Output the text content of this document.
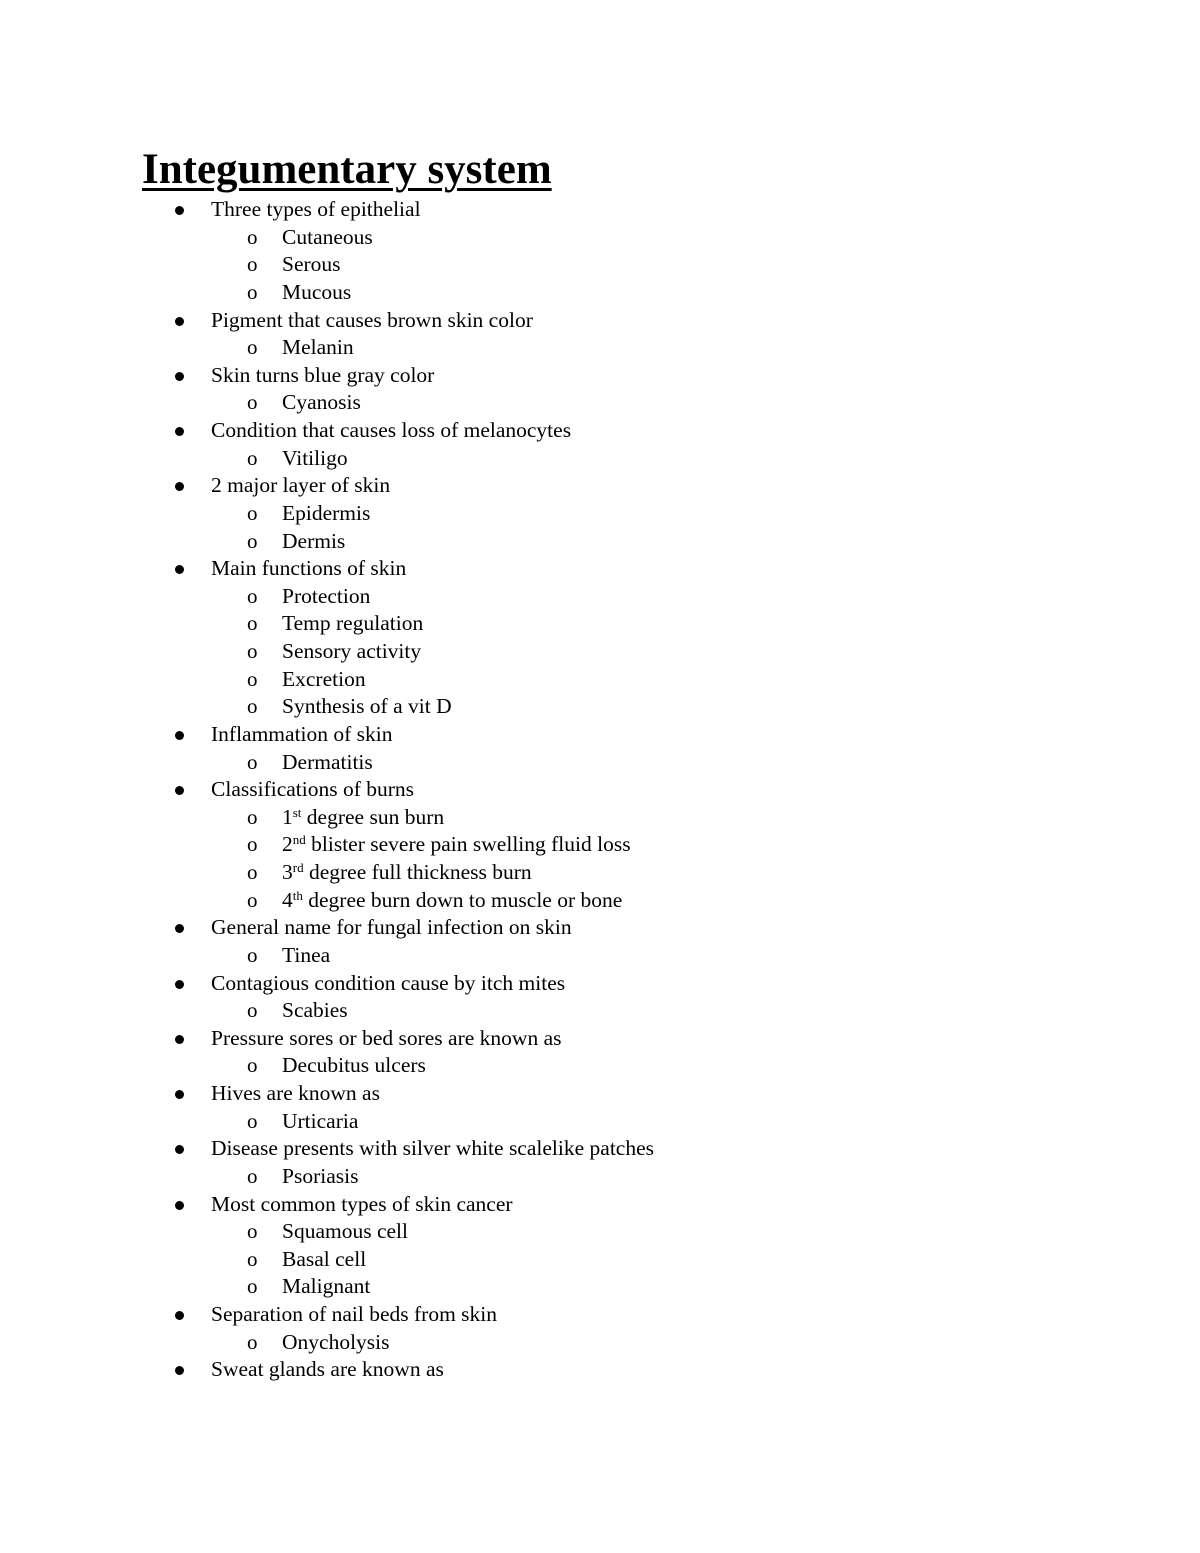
Integumentary system
Three types of epithelial
o Cutaneous
o Serous
o Mucous
Pigment that causes brown skin color
o Melanin
Skin turns blue gray color
o Cyanosis
Condition that causes loss of melanocytes
o Vitiligo
2 major layer of skin
o Epidermis
o Dermis
Main functions of skin
o Protection
o Temp regulation
o Sensory activity
o Excretion
o Synthesis of a vit D
Inflammation of skin
o Dermatitis
Classifications of burns
o 1st degree sun burn
o 2nd blister severe pain swelling fluid loss
o 3rd degree full thickness burn
o 4th degree burn down to muscle or bone
General name for fungal infection on skin
o Tinea
Contagious condition cause by itch mites
o Scabies
Pressure sores or bed sores are known as
o Decubitus ulcers
Hives are known as
o Urticaria
Disease presents with silver white scalelike patches
o Psoriasis
Most common types of skin cancer
o Squamous cell
o Basal cell
o Malignant
Separation of nail beds from skin
o Onycholysis
Sweat glands are known as
